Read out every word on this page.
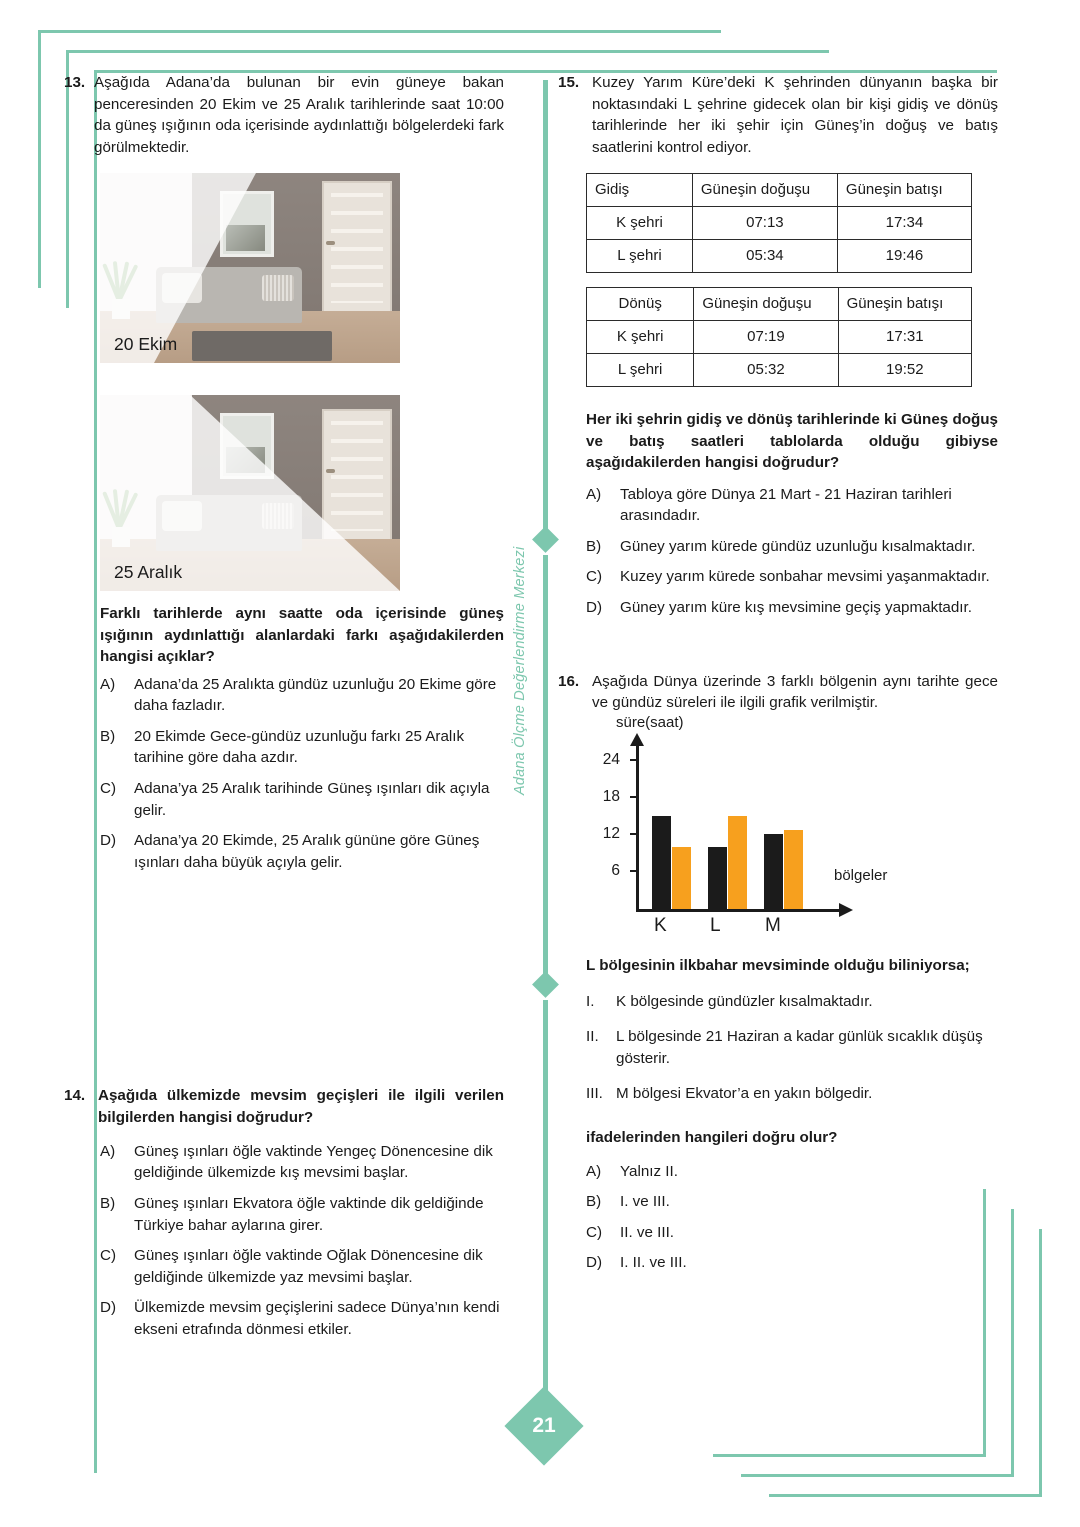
Adana Ölçme Değerlendirme Merkezi
21
13. Aşağıda Adana’da bulunan bir evin güneye bakan penceresinden 20 Ekim ve 25 Aralık tarihlerinde saat 10:00 da güneş ışığının oda içerisinde aydınlattığı bölgelerdeki fark görülmektedir.
20 Ekim
25 Aralık
Farklı tarihlerde aynı saatte oda içerisinde güneş ışığının aydınlattığı alanlardaki farkı aşağıdakilerden hangisi açıklar?
A)	Adana’da 25 Aralıkta gündüz uzunluğu 20 Ekime göre daha fazladır.
B)	20 Ekimde Gece-gündüz uzunluğu farkı 25 Aralık tarihine göre daha azdır.
C)	Adana’ya 25 Aralık tarihinde Güneş ışınları dik açıyla gelir.
D)	Adana’ya 20 Ekimde, 25 Aralık gününe göre Güneş ışınları daha büyük açıyla gelir.
14. Aşağıda ülkemizde mevsim geçişleri ile ilgili verilen bilgilerden hangisi doğrudur?
A)	Güneş ışınları öğle vaktinde Yengeç Dönencesine dik geldiğinde ülkemizde kış mevsimi başlar.
B)	Güneş ışınları Ekvatora öğle vaktinde dik geldiğinde Türkiye bahar aylarına girer.
C)	Güneş ışınları öğle vaktinde Oğlak Dönencesine dik geldiğinde ülkemizde yaz mevsimi başlar.
D)	Ülkemizde mevsim geçişlerini sadece Dünya’nın kendi ekseni etrafında dönmesi etkiler.
15. Kuzey Yarım Küre’deki K şehrinden dünyanın başka bir noktasındaki L şehrine gidecek olan bir kişi gidiş ve dönüş tarihlerinde her iki şehir için Güneş’in doğuş ve batış saatlerini kontrol ediyor.
Gidiş	Güneşin doğuşu	Güneşin batışı
K şehri	07:13	17:34
L şehri	05:34	19:46
Dönüş	Güneşin doğuşu	Güneşin batışı
K şehri	07:19	17:31
L şehri	05:32	19:52
Her iki şehrin gidiş ve dönüş tarihlerinde ki Güneş doğuş ve batış saatleri tablolarda olduğu gibiyse aşağıdakilerden hangisi doğrudur?
A)	Tabloya göre Dünya 21 Mart - 21 Haziran tarihleri arasındadır.
B)	Güney yarım kürede gündüz uzunluğu kısalmaktadır.
C)	Kuzey yarım kürede sonbahar mevsimi yaşanmaktadır.
D)	Güney yarım küre kış mevsimine geçiş yapmaktadır.
16. Aşağıda Dünya üzerinde 3 farklı bölgenin aynı tarihte gece ve gündüz süreleri ile ilgili grafik verilmiştir.
süre(saat)
24
18
12
6
K L M
bölgeler
L bölgesinin ilkbahar mevsiminde olduğu biliniyorsa;
I.	K bölgesinde gündüzler kısalmaktadır.
II.	L bölgesinde 21 Haziran a kadar günlük sıcaklık düşüş gösterir.
III. M bölgesi Ekvator’a en yakın bölgedir.
ifadelerinden hangileri doğru olur?
A)	Yalnız II.
B)	I. ve III.
C)	II. ve III.
D)	I. II. ve III.
